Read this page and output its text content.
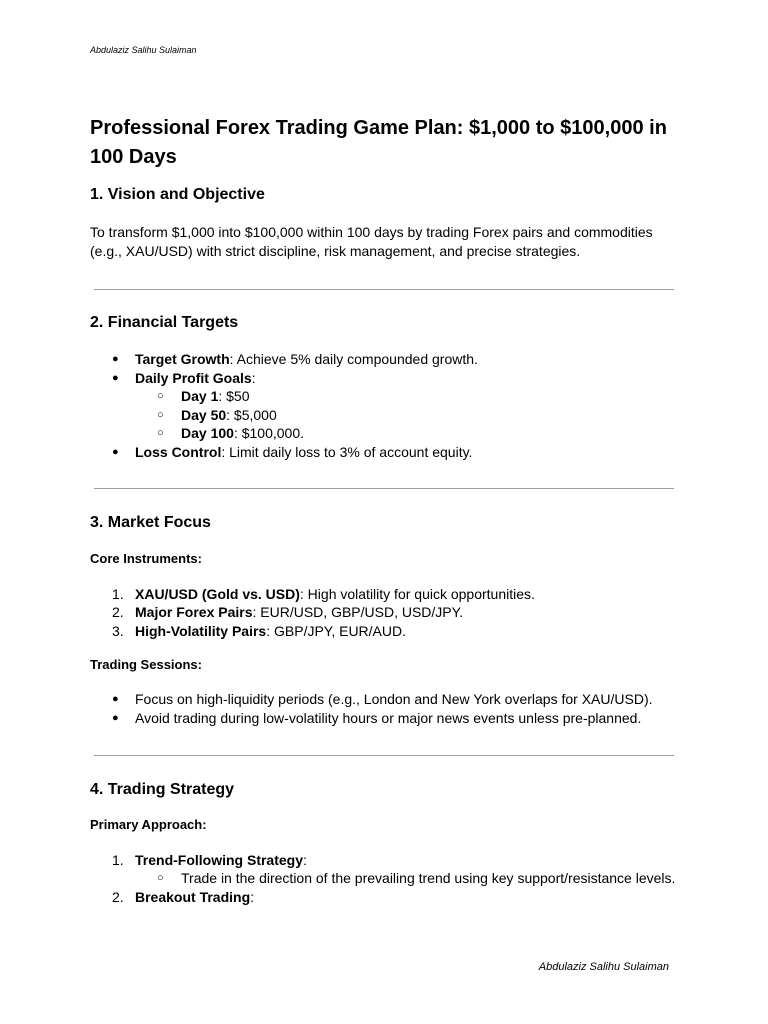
Abdulaziz Salihu Sulaiman
Professional Forex Trading Game Plan: $1,000 to $100,000 in 100 Days
1. Vision and Objective

To transform $1,000 into $100,000 within 100 days by trading Forex pairs and commodities (e.g., XAU/USD) with strict discipline, risk management, and precise strategies.

2. Financial Targets
● Target Growth: Achieve 5% daily compounded growth.
● Daily Profit Goals:
○ Day 1: $50
○ Day 50: $5,000
○ Day 100: $100,000.
● Loss Control: Limit daily loss to 3% of account equity.
3. Market Focus

Core Instruments:

1. XAU/USD (Gold vs. USD): High volatility for quick opportunities.
2. Major Forex Pairs: EUR/USD, GBP/USD, USD/JPY.
3. High-Volatility Pairs: GBP/JPY, EUR/AUD.

Trading Sessions:

● Focus on high-liquidity periods (e.g., London and New York overlaps for XAU/USD).
● Avoid trading during low-volatility hours or major news events unless pre-planned.
4. Trading Strategy

Primary Approach:

1. Trend-Following Strategy:
○ Trade in the direction of the prevailing trend using key support/resistance levels.
2. Breakout Trading:
Abdulaziz Salihu Sulaiman
